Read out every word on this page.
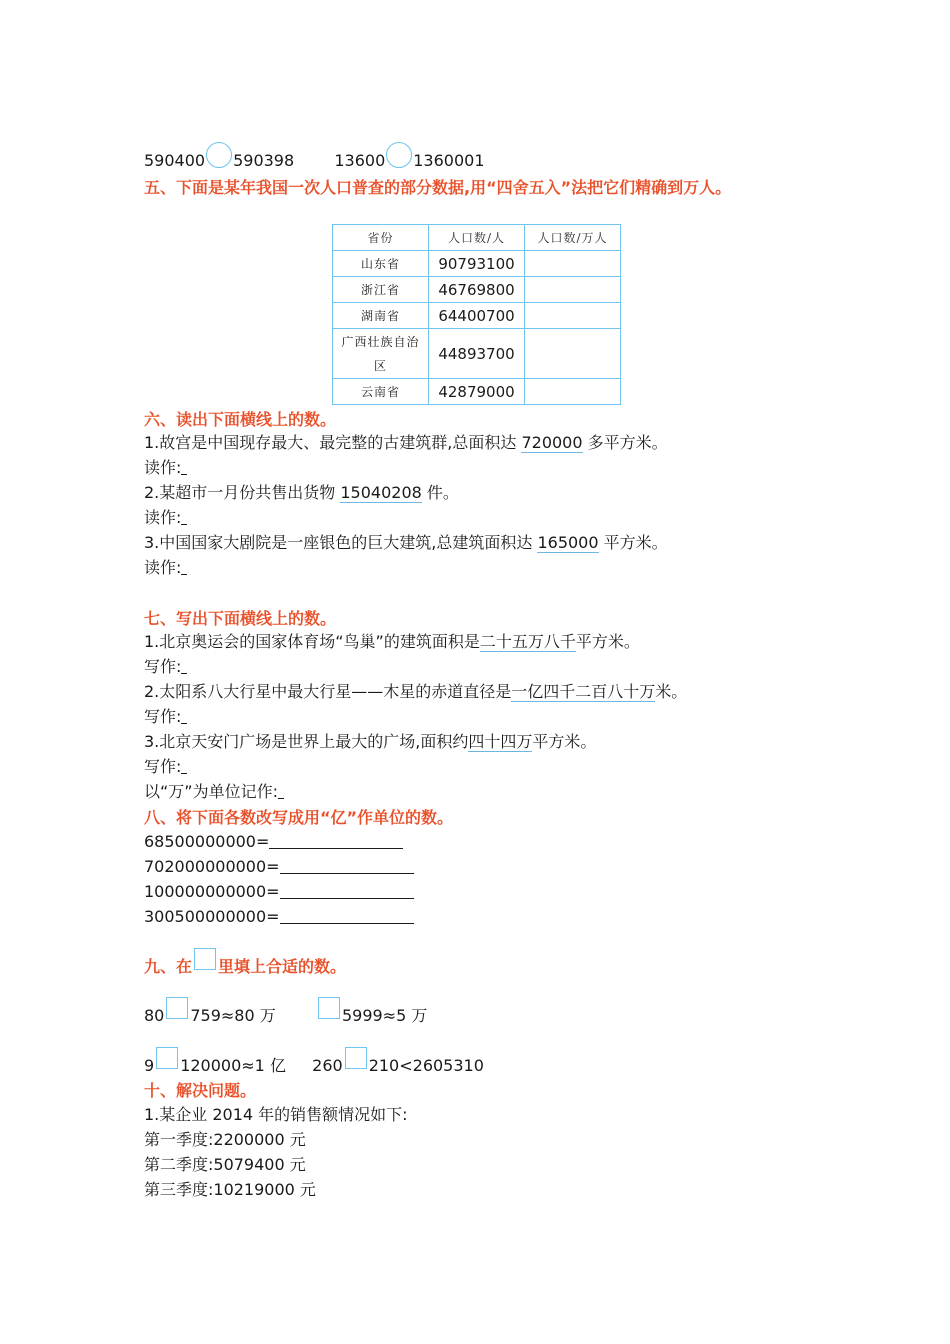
590400 590398	13600 1360001
五、下面是某年我国一次人口普查的部分数据,用“四舍五入”法把它们精确到万人。
省份	人口数/人	人口数/万人
山东省	90793100	
浙江省	46769800	
湖南省	64400700	
广西壮族自治区	44893700	
云南省	42879000	
六、读出下面横线上的数。
1.故宫是中国现存最大、最完整的古建筑群,总面积达 720000 多平方米。
读作:
2.某超市一月份共售出货物 15040208 件。
读作:
3.中国国家大剧院是一座银色的巨大建筑,总建筑面积达 165000 平方米。
读作:
七、写出下面横线上的数。
1.北京奥运会的国家体育场“鸟巢”的建筑面积是二十五万八千平方米。
写作:
2.太阳系八大行星中最大行星——木星的赤道直径是一亿四千二百八十万米。
写作:
3.北京天安门广场是世界上最大的广场,面积约四十四万平方米。
写作:
以“万”为单位记作:
八、将下面各数改写成用“亿”作单位的数。
68500000000=
702000000000=
100000000000=
300500000000=
九、在 里填上合适的数。
80 759≈80 万	5999≈5 万
9 120000≈1 亿 260 210<2605310
十、解决问题。
1.某企业 2014 年的销售额情况如下:
第一季度:2200000 元
第二季度:5079400 元
第三季度:10219000 元
